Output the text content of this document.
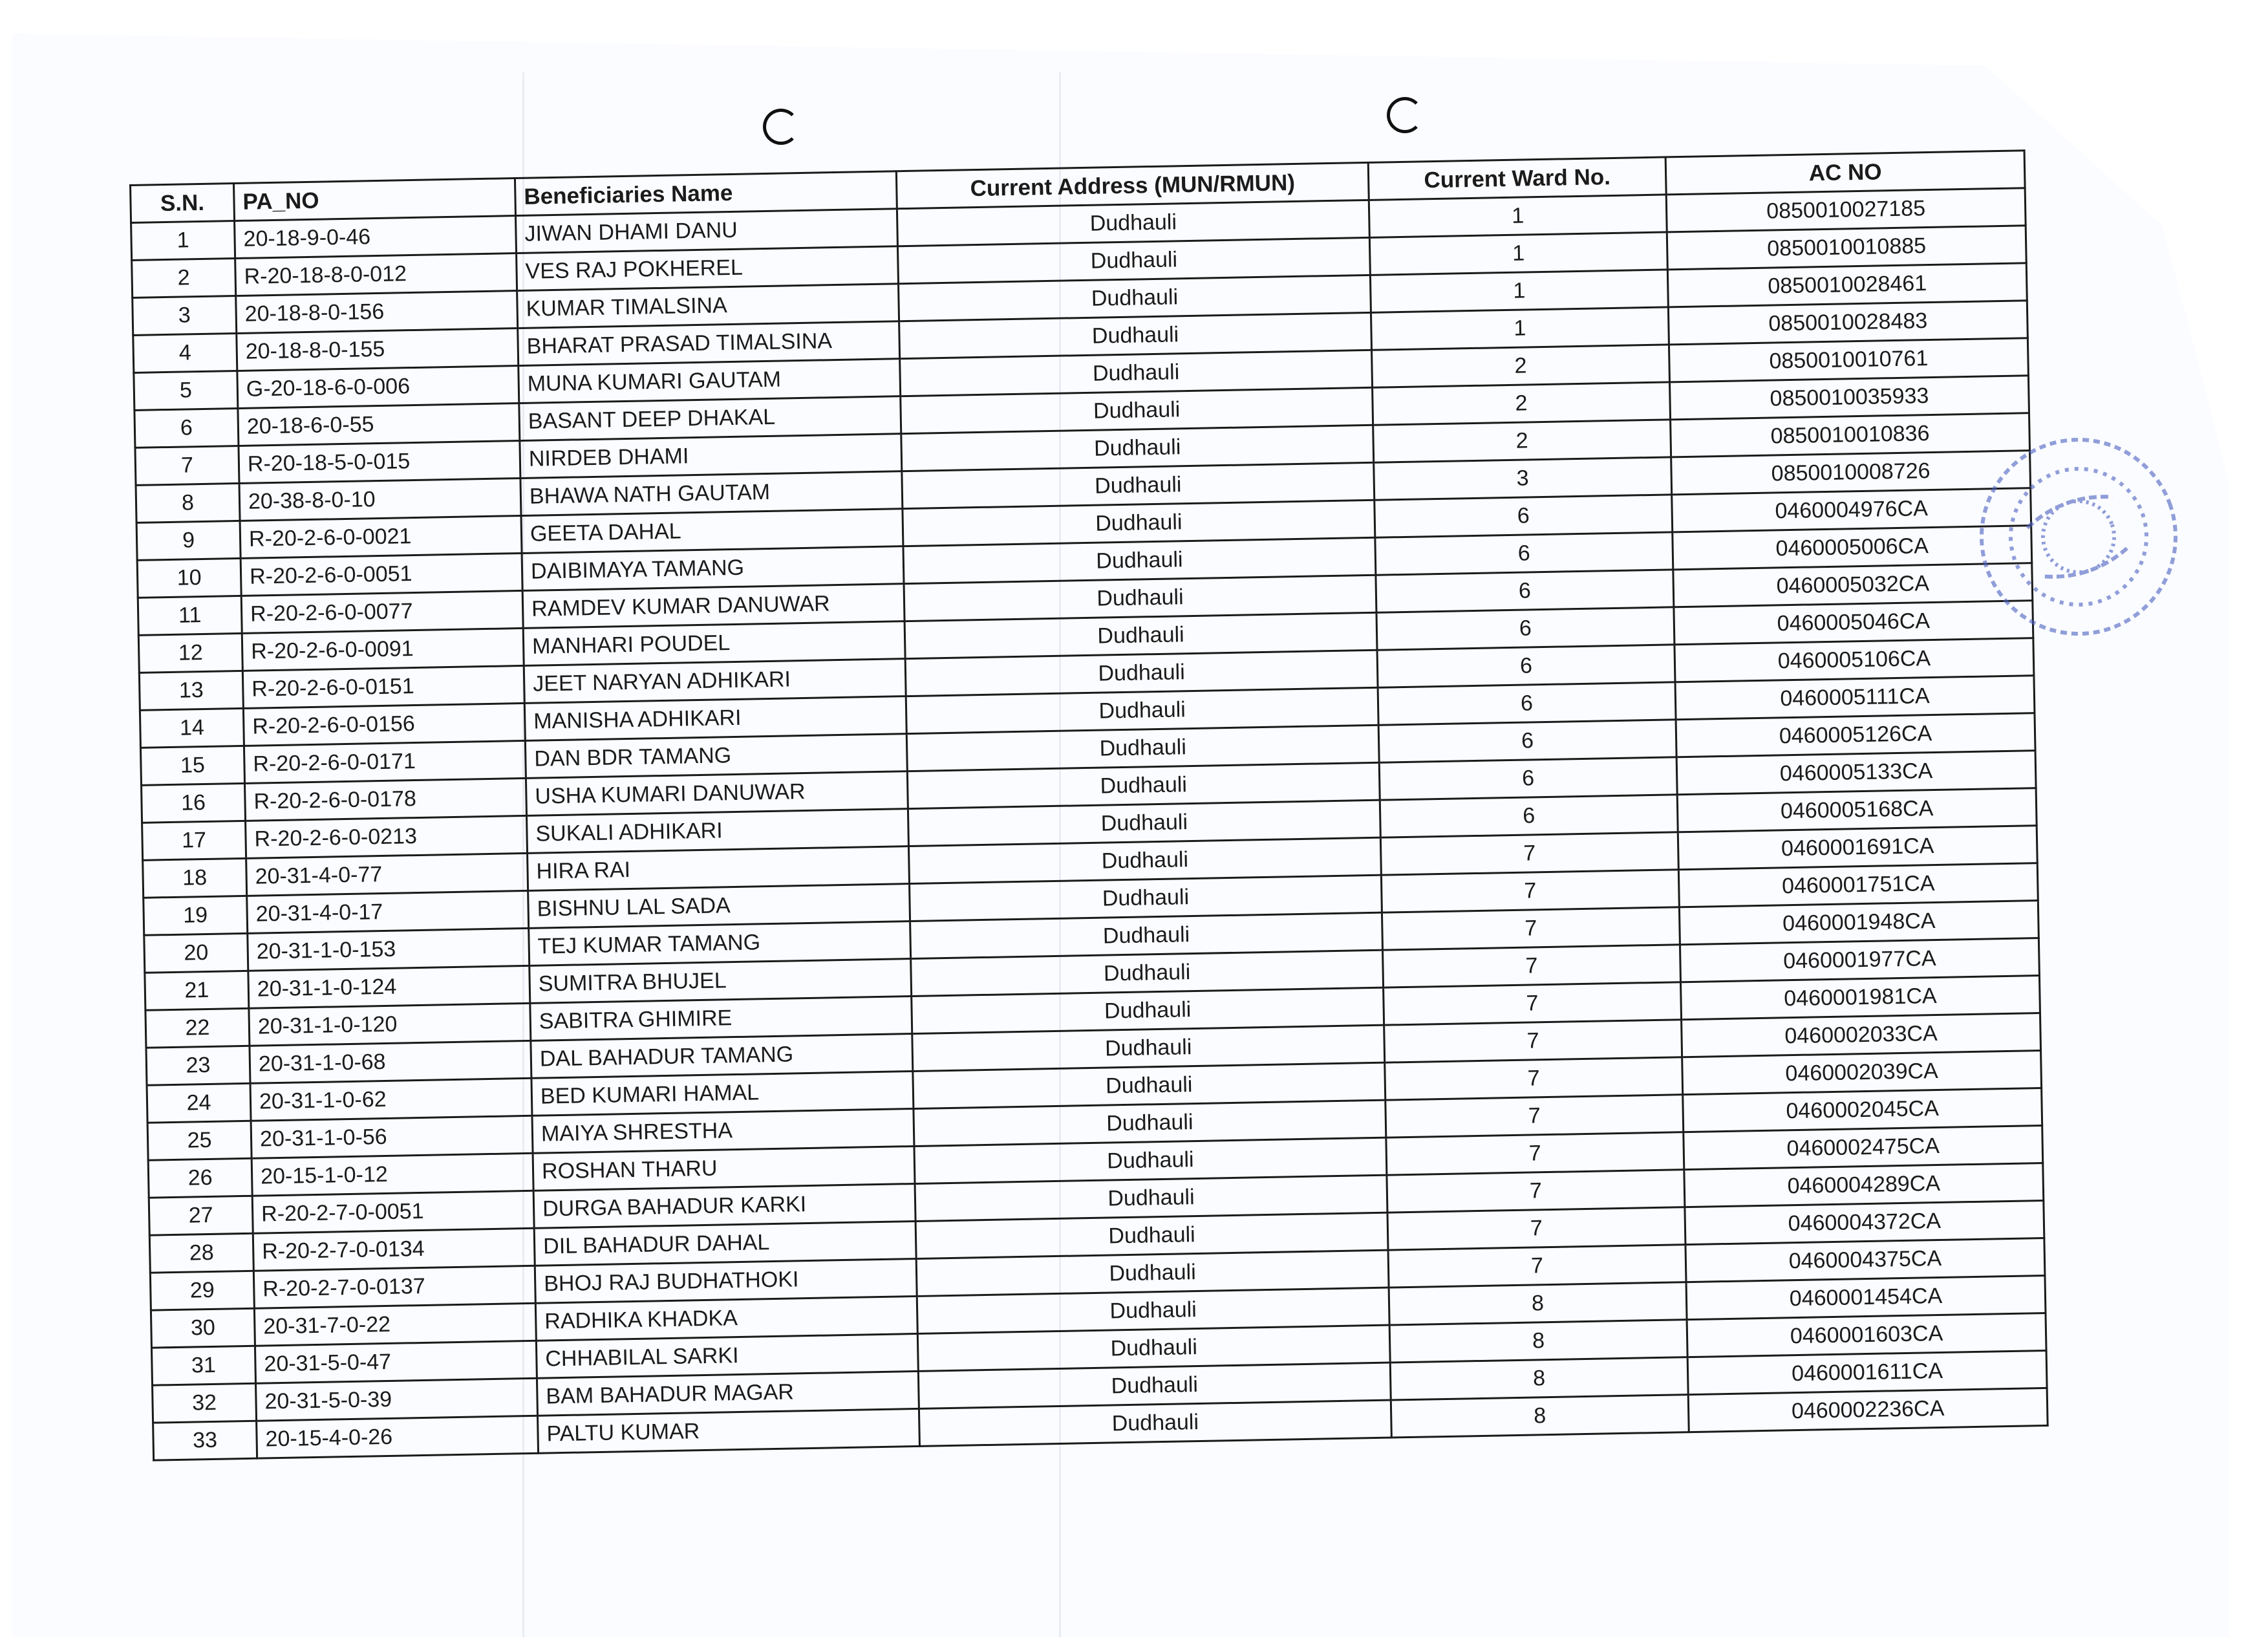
S.N.	PA_NO	Beneficiaries Name	Current Address (MUN/RMUN)	Current Ward No.	AC NO
1	20-18-9-0-46	JIWAN DHAMI DANU	Dudhauli	1	0850010027185
2	R-20-18-8-0-012	VES RAJ POKHEREL	Dudhauli	1	0850010010885
3	20-18-8-0-156	KUMAR TIMALSINA	Dudhauli	1	0850010028461
4	20-18-8-0-155	BHARAT PRASAD TIMALSINA	Dudhauli	1	0850010028483
5	G-20-18-6-0-006	MUNA KUMARI GAUTAM	Dudhauli	2	0850010010761
6	20-18-6-0-55	BASANT DEEP DHAKAL	Dudhauli	2	0850010035933
7	R-20-18-5-0-015	NIRDEB DHAMI	Dudhauli	2	0850010010836
8	20-38-8-0-10	BHAWA NATH GAUTAM	Dudhauli	3	0850010008726
9	R-20-2-6-0-0021	GEETA DAHAL	Dudhauli	6	0460004976CA
10	R-20-2-6-0-0051	DAIBIMAYA TAMANG	Dudhauli	6	0460005006CA
11	R-20-2-6-0-0077	RAMDEV KUMAR DANUWAR	Dudhauli	6	0460005032CA
12	R-20-2-6-0-0091	MANHARI POUDEL	Dudhauli	6	0460005046CA
13	R-20-2-6-0-0151	JEET NARYAN ADHIKARI	Dudhauli	6	0460005106CA
14	R-20-2-6-0-0156	MANISHA ADHIKARI	Dudhauli	6	0460005111CA
15	R-20-2-6-0-0171	DAN BDR TAMANG	Dudhauli	6	0460005126CA
16	R-20-2-6-0-0178	USHA KUMARI DANUWAR	Dudhauli	6	0460005133CA
17	R-20-2-6-0-0213	SUKALI ADHIKARI	Dudhauli	6	0460005168CA
18	20-31-4-0-77	HIRA RAI	Dudhauli	7	0460001691CA
19	20-31-4-0-17	BISHNU LAL SADA	Dudhauli	7	0460001751CA
20	20-31-1-0-153	TEJ KUMAR TAMANG	Dudhauli	7	0460001948CA
21	20-31-1-0-124	SUMITRA BHUJEL	Dudhauli	7	0460001977CA
22	20-31-1-0-120	SABITRA GHIMIRE	Dudhauli	7	0460001981CA
23	20-31-1-0-68	DAL BAHADUR TAMANG	Dudhauli	7	0460002033CA
24	20-31-1-0-62	BED KUMARI HAMAL	Dudhauli	7	0460002039CA
25	20-31-1-0-56	MAIYA SHRESTHA	Dudhauli	7	0460002045CA
26	20-15-1-0-12	ROSHAN THARU	Dudhauli	7	0460002475CA
27	R-20-2-7-0-0051	DURGA BAHADUR KARKI	Dudhauli	7	0460004289CA
28	R-20-2-7-0-0134	DIL BAHADUR DAHAL	Dudhauli	7	0460004372CA
29	R-20-2-7-0-0137	BHOJ RAJ BUDHATHOKI	Dudhauli	7	0460004375CA
30	20-31-7-0-22	RADHIKA KHADKA	Dudhauli	8	0460001454CA
31	20-31-5-0-47	CHHABILAL SARKI	Dudhauli	8	0460001603CA
32	20-31-5-0-39	BAM BAHADUR MAGAR	Dudhauli	8	0460001611CA
33	20-15-4-0-26	PALTU KUMAR	Dudhauli	8	0460002236CA
